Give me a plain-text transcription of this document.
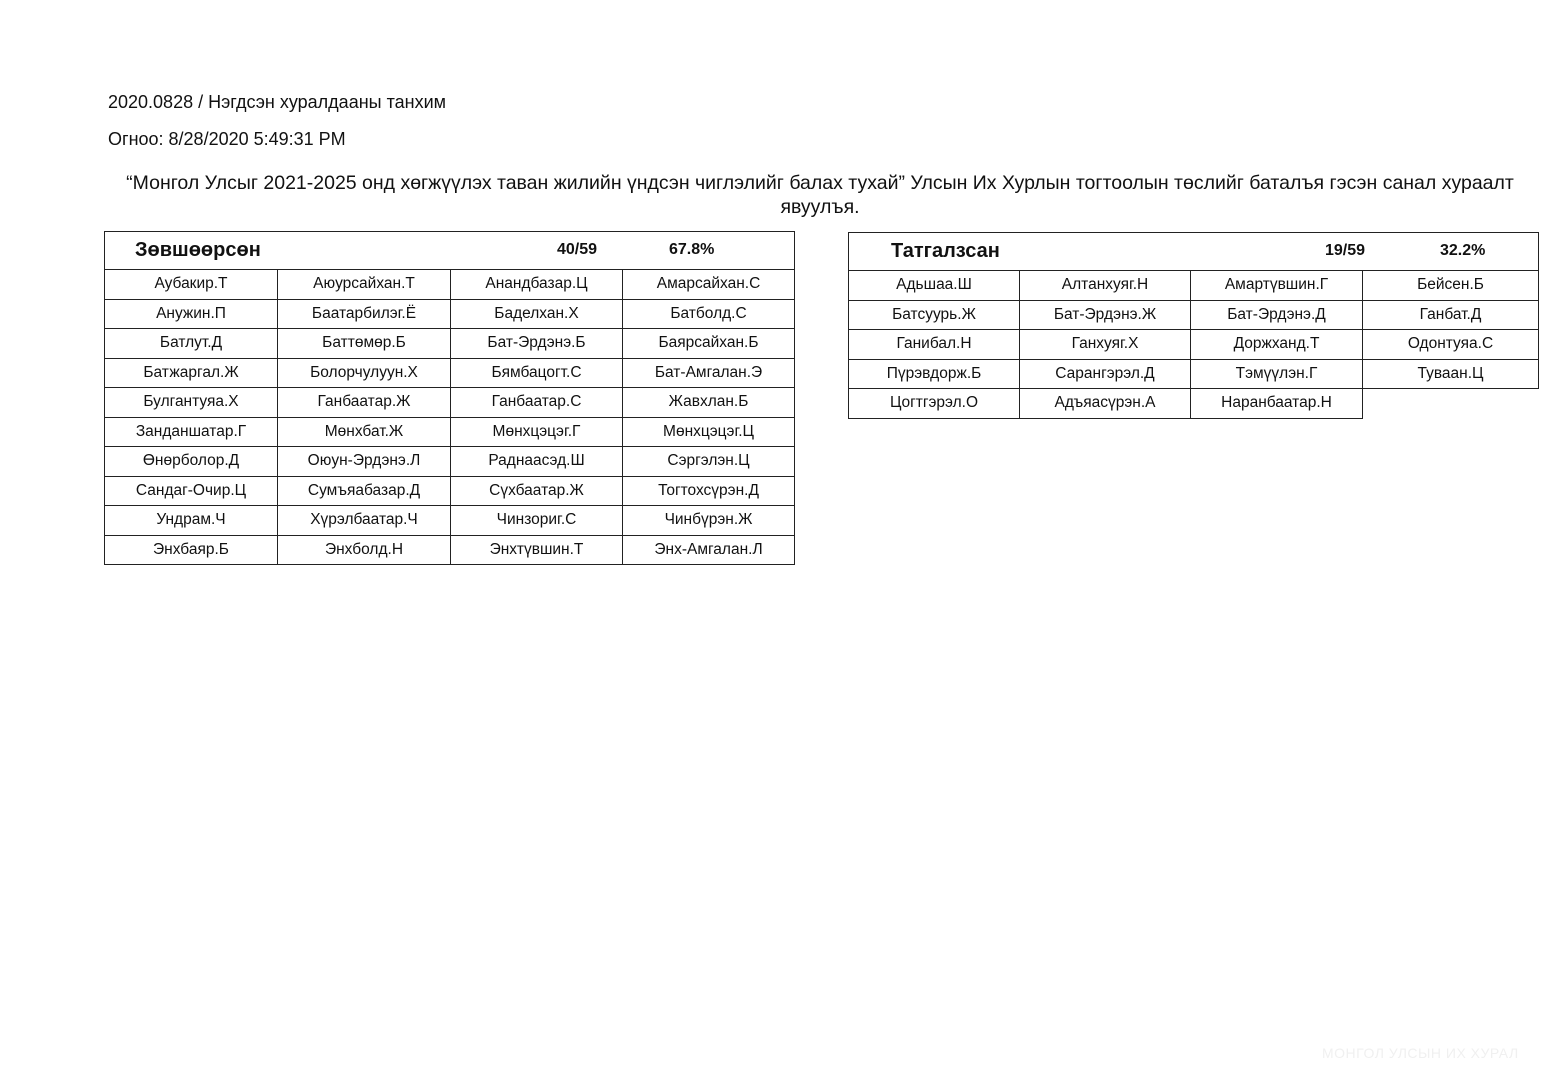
2020.0828 / Нэгдсэн хуралдааны танхим
Огноо: 8/28/2020 5:49:31 PM
“Монгол Улсыг 2021-2025 онд хөгжүүлэх таван жилийн үндсэн чиглэлийг балах тухай” Улсын Их Хурлын тогтоолын төслийг баталъя гэсэн санал хураалт явуулъя.
Зөвшөөрсөн 40/59 67.8%			

Аубакир.Т	Аюурсайхан.Т	Анандбазар.Ц	Амарсайхан.С
Анужин.П	Баатарбилэг.Ё	Баделхан.Х	Батболд.С
Батлут.Д	Баттөмөр.Б	Бат-Эрдэнэ.Б	Баярсайхан.Б
Батжаргал.Ж	Болорчулуун.Х	Бямбацогт.С	Бат-Амгалан.Э
Булгантуяа.Х	Ганбаатар.Ж	Ганбаатар.С	Жавхлан.Б
Занданшатар.Г	Мөнхбат.Ж	Мөнхцэцэг.Г	Мөнхцэцэг.Ц
Өнөрболор.Д	Оюун-Эрдэнэ.Л	Раднаасэд.Ш	Сэргэлэн.Ц
Сандаг-Очир.Ц	Сумъяабазар.Д	Сүхбаатар.Ж	Тогтохсүрэн.Д
Ундрам.Ч	Хүрэлбаатар.Ч	Чинзориг.С	Чинбүрэн.Ж
Энхбаяр.Б	Энхболд.Н	Энхтүвшин.Т	Энх-Амгалан.Л
Татгалзсан 19/59 32.2%			

Адьшаа.Ш	Алтанхуяг.Н	Амартүвшин.Г	Бейсен.Б
Батсуурь.Ж	Бат-Эрдэнэ.Ж	Бат-Эрдэнэ.Д	Ганбат.Д
Ганибал.Н	Ганхуяг.Х	Доржханд.Т	Одонтуяа.С
Пүрэвдорж.Б	Сарангэрэл.Д	Тэмүүлэн.Г	Туваан.Ц
Цогтгэрэл.О	Адъяасүрэн.А	Наранбаатар.Н	
МОНГОЛ УЛСЫН ИХ ХУРАЛ
